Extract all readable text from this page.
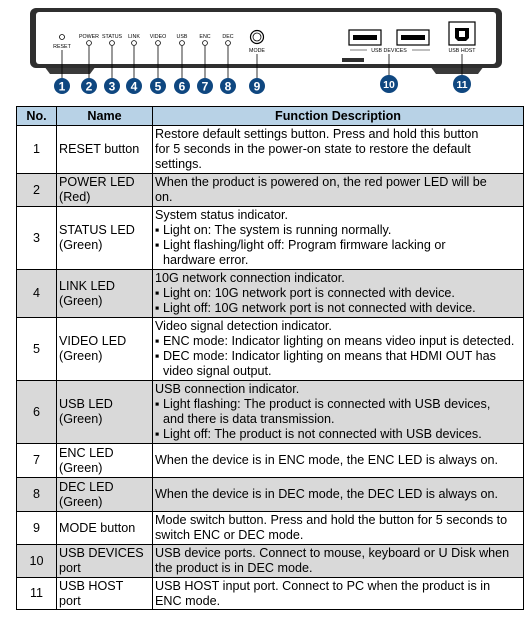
RESET
POWER STATUS LINK VIDEO USB ENC DEC
MODE	USB DEVICES	USB HOST
1 2 3 4 5 6 7 8 9	10	11
No.	Name	Function Description
1	RESET button	Restore default settings button. Press and hold this button
for 5 seconds in the power-on state to restore the default
settings.

2	POWER LED
(Red)	When the product is powered on, the red power LED will be
on.

3	STATUS LED
(Green)	System status indicator.
▪ Light on: The system is running normally.
▪ Light flashing/light off: Program firmware lacking or
hardware error.

4	LINK LED
(Green)	10G network connection indicator.
▪ Light on: 10G network port is connected with device.
▪ Light off: 10G network port is not connected with device.

5	VIDEO LED
(Green)	Video signal detection indicator.
▪ ENC mode: Indicator lighting on means video input is detected.
▪ DEC mode: Indicator lighting on means that HDMI OUT has
video signal output.

6	USB LED
(Green)	USB connection indicator.
▪ Light flashing: The product is connected with USB devices,
and there is data transmission.
▪ Light off: The product is not connected with USB devices.

7	ENC LED
(Green)	When the device is in ENC mode, the ENC LED is always on.

8	DEC LED
(Green)	When the device is in DEC mode, the DEC LED is always on.

9	MODE button	Mode switch button. Press and hold the button for 5 seconds to
switch ENC or DEC mode.

10	USB DEVICES
port	USB device ports. Connect to mouse, keyboard or U Disk when
the product is in DEC mode.

11	USB HOST
port	USB HOST input port. Connect to PC when the product is in
ENC mode.
